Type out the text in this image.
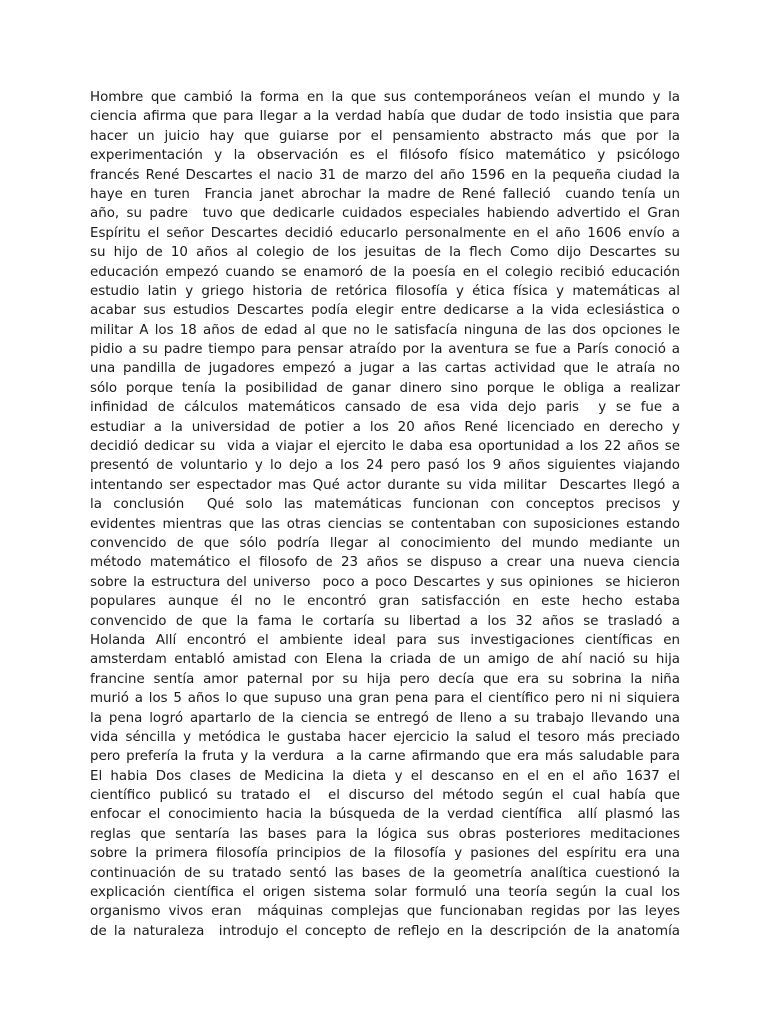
Hombre que cambió la forma en la que sus contemporáneos veían el mundo y la
ciencia afirma que para llegar a la verdad había que dudar de todo insistia que para
hacer un juicio hay que guiarse por el pensamiento abstracto más que por la
experimentación y la observación es el filósofo físico matemático y psicólogo
francés René Descartes el nacio 31 de marzo del año 1596 en la pequeña ciudad la
haye en turen  Francia janet abrochar la madre de René falleció  cuando tenía un
año, su padre  tuvo que dedicarle cuidados especiales habiendo advertido el Gran
Espíritu el señor Descartes decidió educarlo personalmente en el año 1606 envío a
su hijo de 10 años al colegio de los jesuitas de la flech Como dijo Descartes su
educación empezó cuando se enamoró de la poesía en el colegio recibió educación
estudio latin y griego historia de retórica filosofía y ética física y matemáticas al
acabar sus estudios Descartes podía elegir entre dedicarse a la vida eclesiástica o
militar A los 18 años de edad al que no le satisfacía ninguna de las dos opciones le
pidio a su padre tiempo para pensar atraído por la aventura se fue a París conoció a
una pandilla de jugadores empezó a jugar a las cartas actividad que le atraía no
sólo porque tenía la posibilidad de ganar dinero sino porque le obliga a realizar
infinidad de cálculos matemáticos cansado de esa vida dejo paris  y se fue a
estudiar a la universidad de potier a los 20 años René licenciado en derecho y
decidió dedicar su  vida a viajar el ejercito le daba esa oportunidad a los 22 años se
presentó de voluntario y lo dejo a los 24 pero pasó los 9 años siguientes viajando
intentando ser espectador mas Qué actor durante su vida militar  Descartes llegó a
la conclusión  Qué solo las matemáticas funcionan con conceptos precisos y
evidentes mientras que las otras ciencias se contentaban con suposiciones estando
convencido de que sólo podría llegar al conocimiento del mundo mediante un
método matemático el filosofo de 23 años se dispuso a crear una nueva ciencia
sobre la estructura del universo  poco a poco Descartes y sus opiniones  se hicieron
populares aunque él no le encontró gran satisfacción en este hecho estaba
convencido de que la fama le cortaría su libertad a los 32 años se trasladó a
Holanda Allí encontró el ambiente ideal para sus investigaciones científicas en
amsterdam entabló amistad con Elena la criada de un amigo de ahí nació su hija
francine sentía amor paternal por su hija pero decía que era su sobrina la niña
murió a los 5 años lo que supuso una gran pena para el científico pero ni ni siquiera
la pena logró apartarlo de la ciencia se entregó de lleno a su trabajo llevando una
vida séncilla y metódica le gustaba hacer ejercicio la salud el tesoro más preciado
pero prefería la fruta y la verdura  a la carne afirmando que era más saludable para
El habia Dos clases de Medicina la dieta y el descanso en el en el año 1637 el
científico publicó su tratado el  el discurso del método según el cual había que
enfocar el conocimiento hacia la búsqueda de la verdad científica  allí plasmó las
reglas que sentaría las bases para la lógica sus obras posteriores meditaciones
sobre la primera filosofía principios de la filosofía y pasiones del espíritu era una
continuación de su tratado sentó las bases de la geometría analítica cuestionó la
explicación científica el origen sistema solar formuló una teoría según la cual los
organismo vivos eran  máquinas complejas que funcionaban regidas por las leyes
de la naturaleza  introdujo el concepto de reflejo en la descripción de la anatomía
